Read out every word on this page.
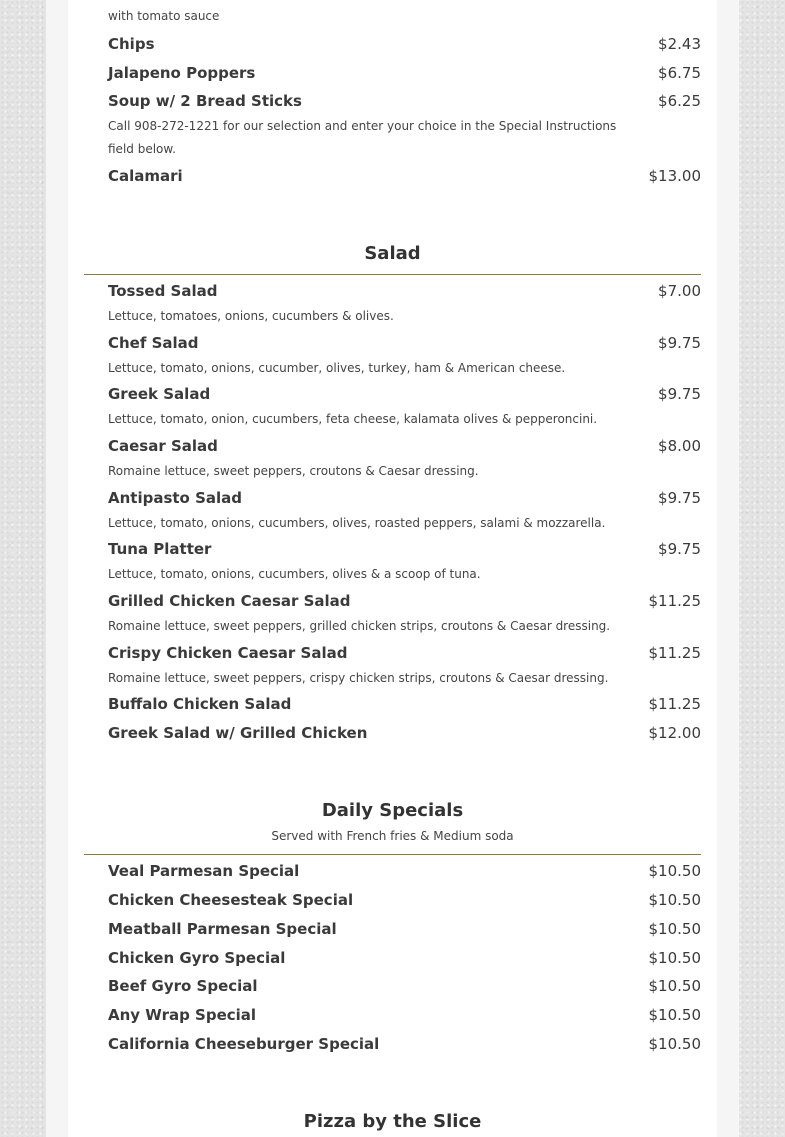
with tomato sauce
Chips	$2.43
Jalapeno Poppers	$6.75
Soup w/ 2 Bread Sticks	$6.25
Call 908-272-1221 for our selection and enter your choice in the Special Instructions field below.
Calamari	$13.00
Salad
Tossed Salad	$7.00
Lettuce, tomatoes, onions, cucumbers & olives.
Chef Salad	$9.75
Lettuce, tomato, onions, cucumber, olives, turkey, ham & American cheese.
Greek Salad	$9.75
Lettuce, tomato, onion, cucumbers, feta cheese, kalamata olives & pepperoncini.
Caesar Salad	$8.00
Romaine lettuce, sweet peppers, croutons & Caesar dressing.
Antipasto Salad	$9.75
Lettuce, tomato, onions, cucumbers, olives, roasted peppers, salami & mozzarella.
Tuna Platter	$9.75
Lettuce, tomato, onions, cucumbers, olives & a scoop of tuna.
Grilled Chicken Caesar Salad	$11.25
Romaine lettuce, sweet peppers, grilled chicken strips, croutons & Caesar dressing.
Crispy Chicken Caesar Salad	$11.25
Romaine lettuce, sweet peppers, crispy chicken strips, croutons & Caesar dressing.
Buffalo Chicken Salad	$11.25
Greek Salad w/ Grilled Chicken	$12.00
Daily Specials
Served with French fries & Medium soda
Veal Parmesan Special	$10.50
Chicken Cheesesteak Special	$10.50
Meatball Parmesan Special	$10.50
Chicken Gyro Special	$10.50
Beef Gyro Special	$10.50
Any Wrap Special	$10.50
California Cheeseburger Special	$10.50
Pizza by the Slice
